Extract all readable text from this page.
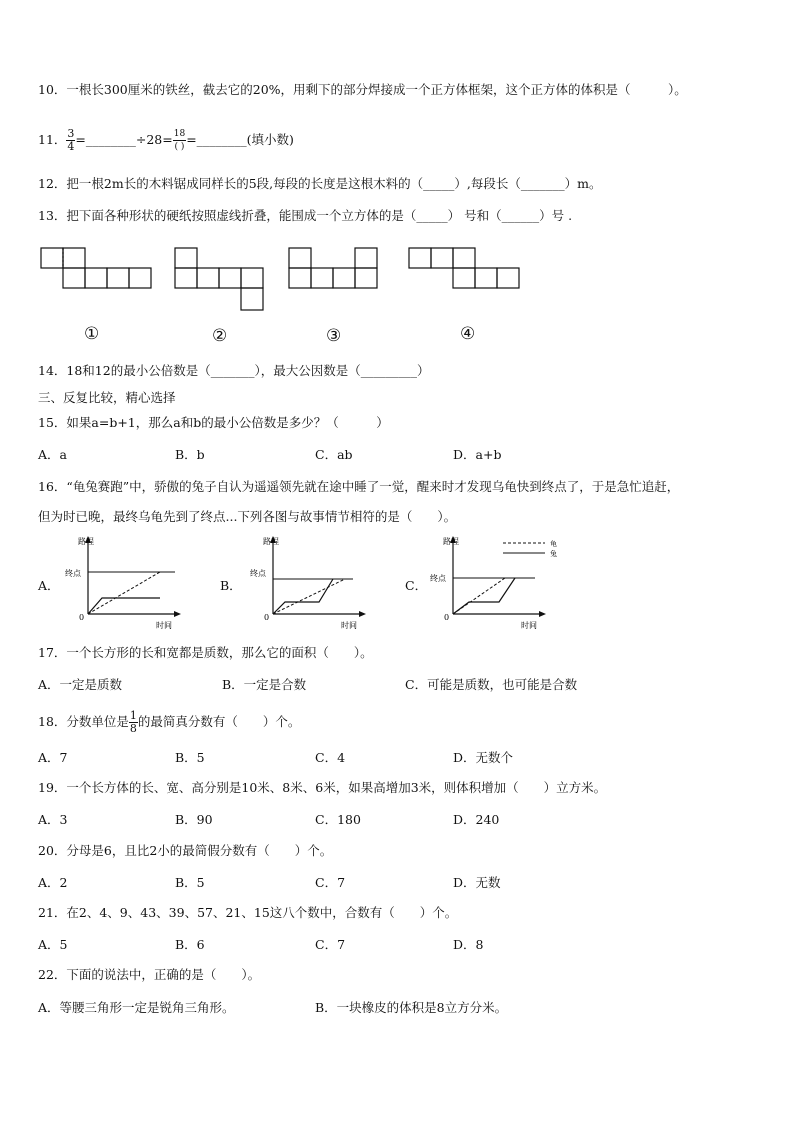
10．一根长300厘米的铁丝，截去它的20%，用剩下的部分焊接成一个正方体框架，这个正方体的体积是（　　　）。
11． $\frac{3}{4}$ =________÷28= $\frac{18}{( )}$ =________(填小数)
12．把一根2m长的木料锯成同样长的5段,每段的长度是这根木料的（_____）,每段长（_______）m。
13．把下面各种形状的硬纸按照虚线折叠，能围成一个立方体的是（_____） 号和（______）号 .
①	②	③	④
14．18和12的最小公倍数是（_______），最大公因数是（_________）
三、反复比较，精心选择
15．如果a=b+1，那么a和b的最小公倍数是多少？（　　　）
A．a	B．b	C．ab	D．a+b
16．“龟兔赛跑”中，骄傲的兔子自认为遥遥领先就在途中睡了一觉，醒来时才发现乌龟快到终点了，于是急忙追赶，
但为时已晚，最终乌龟先到了终点...下列各图与故事情节相符的是（　　）。
A．	B．	C．
路程
终点
0
时间
路程
终点
0
时间
路程
终点
0
时间
龟
兔
17．一个长方形的长和宽都是质数，那么它的面积（　　）。
A．一定是质数	B．一定是合数	C．可能是质数，也可能是合数
18．分数单位是 $\frac{1}{8}$ 的最简真分数有（　　）个。
A．7	B．5	C．4	D．无数个
19．一个长方体的长、宽、高分别是10米、8米、6米，如果高增加3米，则体积增加（　　）立方米。
A．3	B．90	C．180	D．240
20．分母是6，且比2小的最简假分数有（　　）个。
A．2	B．5	C．7	D．无数
21．在2、4、9、43、39、57、21、15这八个数中，合数有（　　）个。
A．5	B．6	C．7	D．8
22．下面的说法中，正确的是（　　）。
A．等腰三角形一定是锐角三角形。	B．一块橡皮的体积是8立方分米。
